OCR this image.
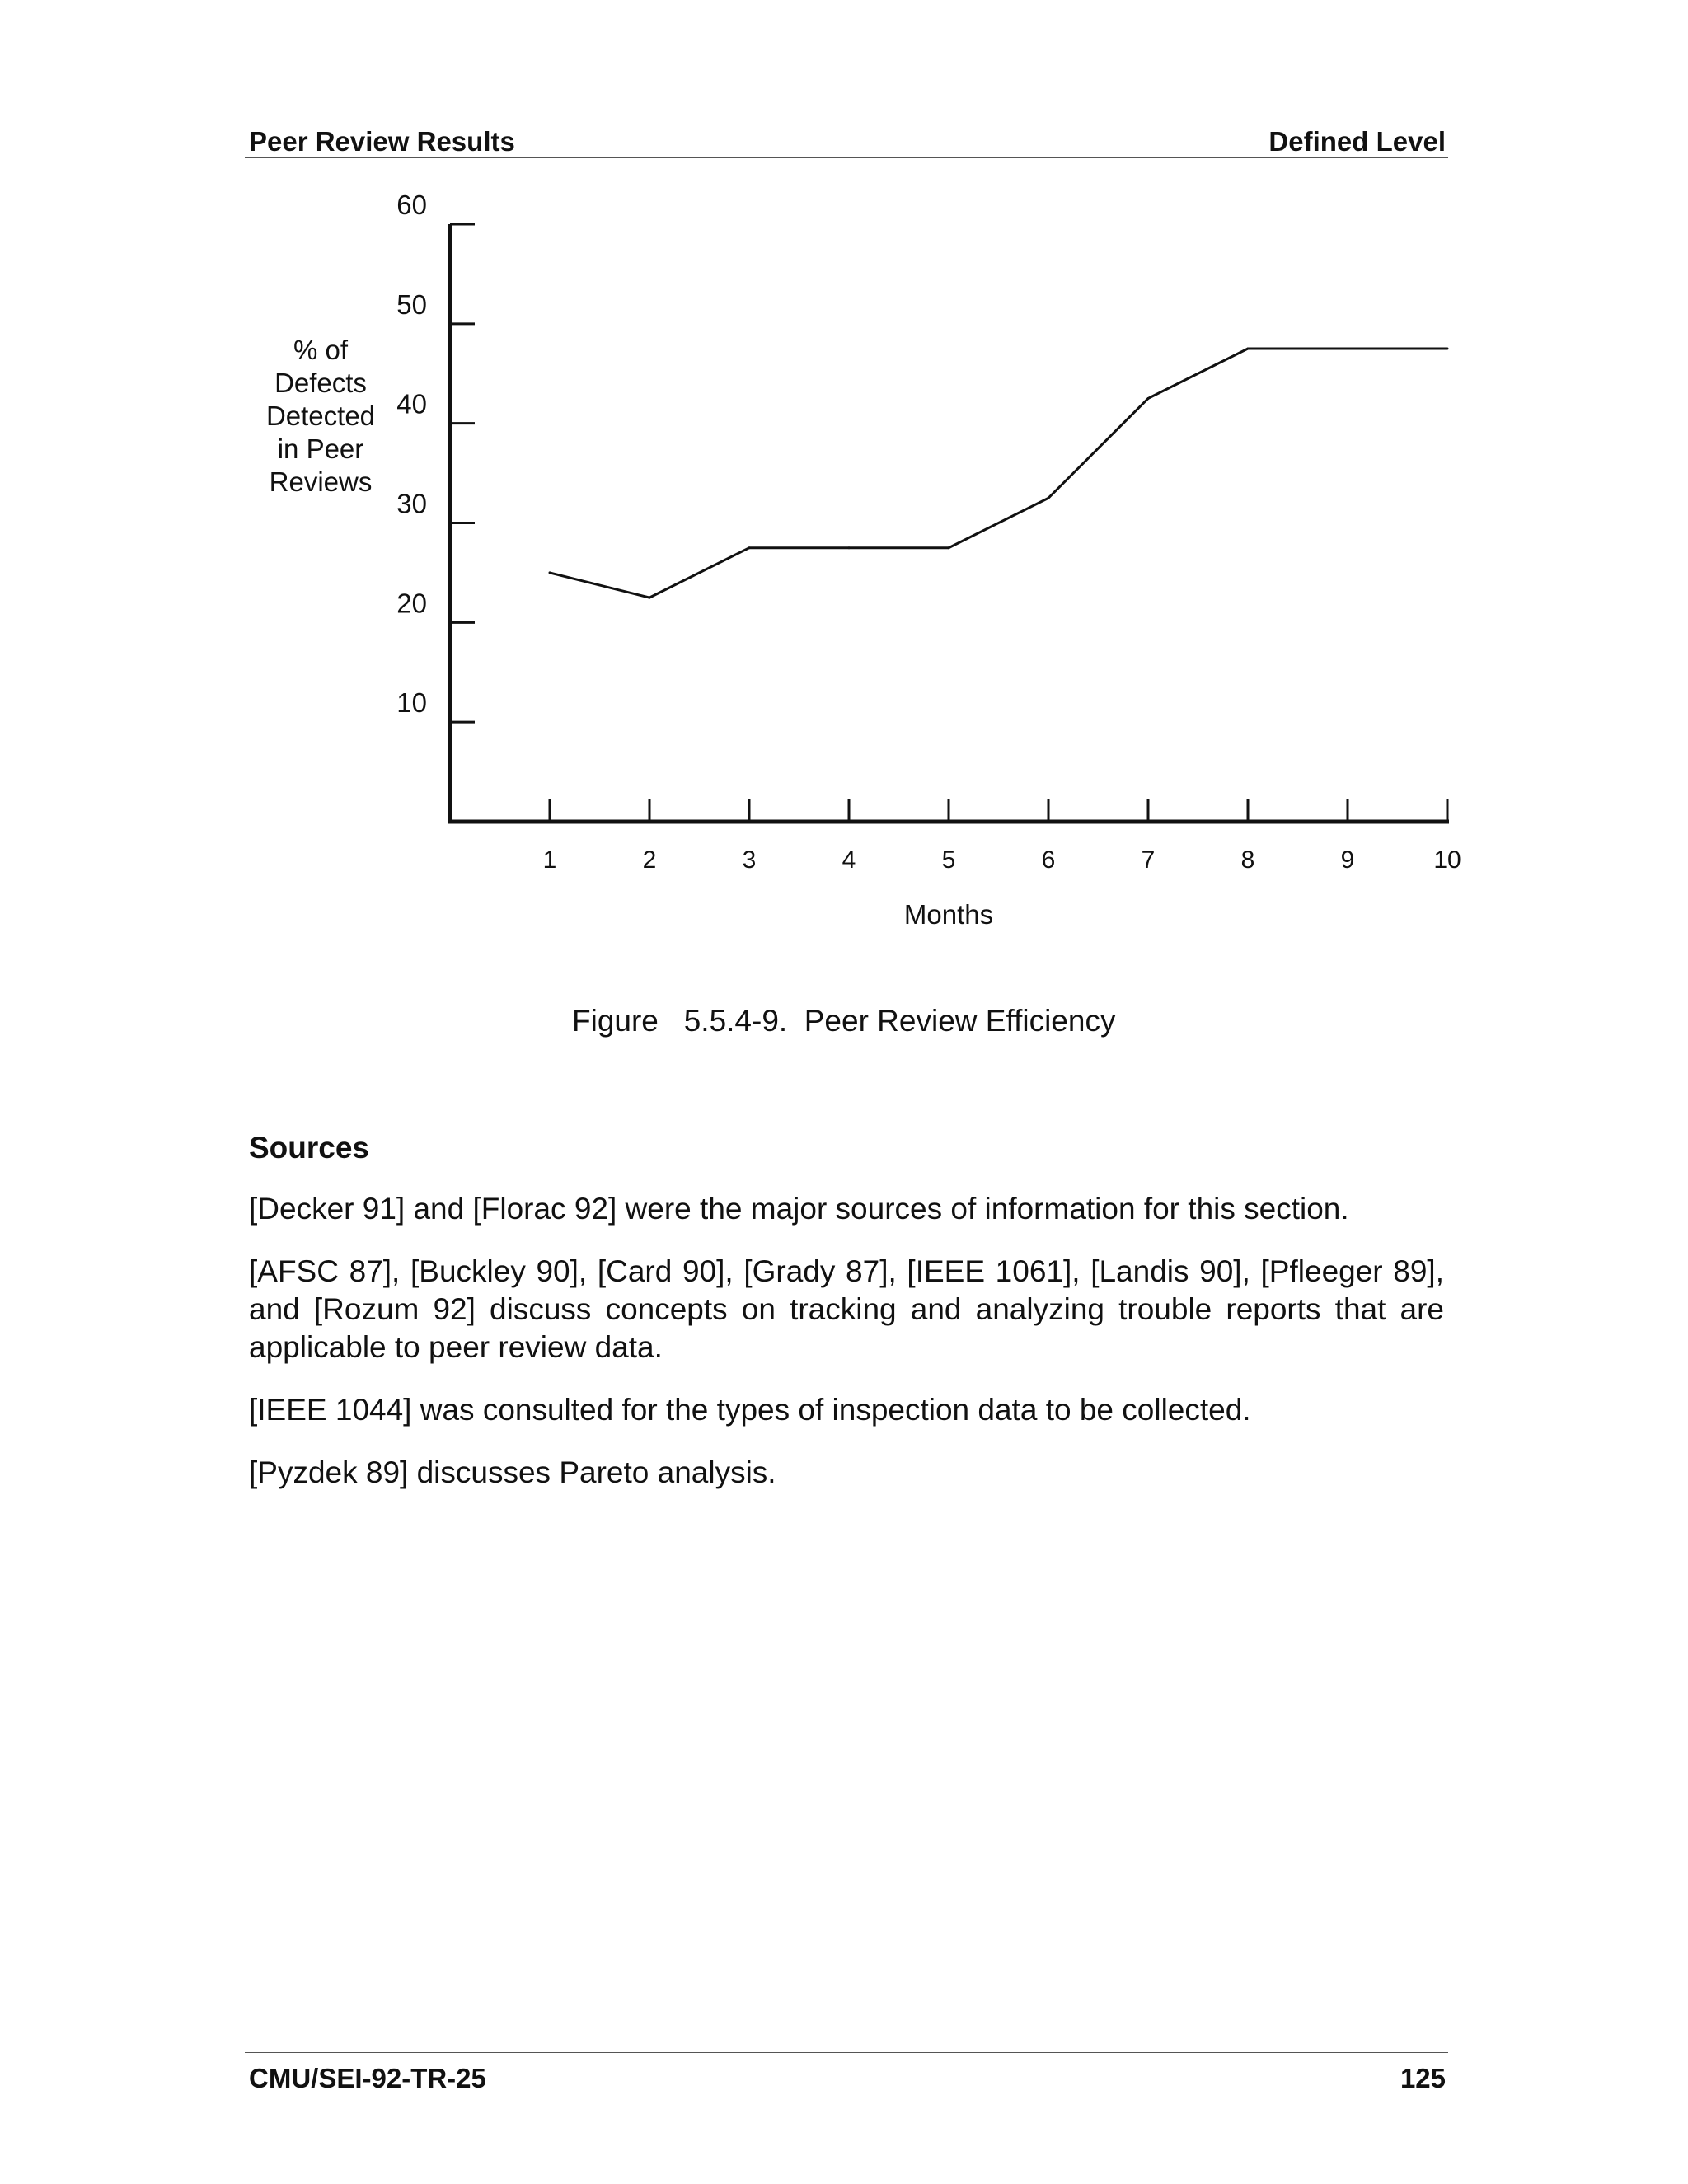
Peer Review Results	Defined Level
% of
Defects
Detected
in Peer
Reviews
10
20
30
40
50
60
1	2	3	4	5	6	7	8	9	10
Months
Figure   5.5.4-9.  Peer Review Efficiency
Sources

[Decker 91] and [Florac 92] were the major sources of information for this section.

[AFSC 87], [Buckley 90], [Card 90], [Grady 87], [IEEE 1061], [Landis 90], [Pfleeger 89], and [Rozum 92] discuss concepts on tracking and analyzing trouble reports that are applicable to peer review data.

[IEEE 1044] was consulted for the types of inspection data to be collected.

[Pyzdek 89] discusses Pareto analysis.

CMU/SEI-92-TR-25	125
